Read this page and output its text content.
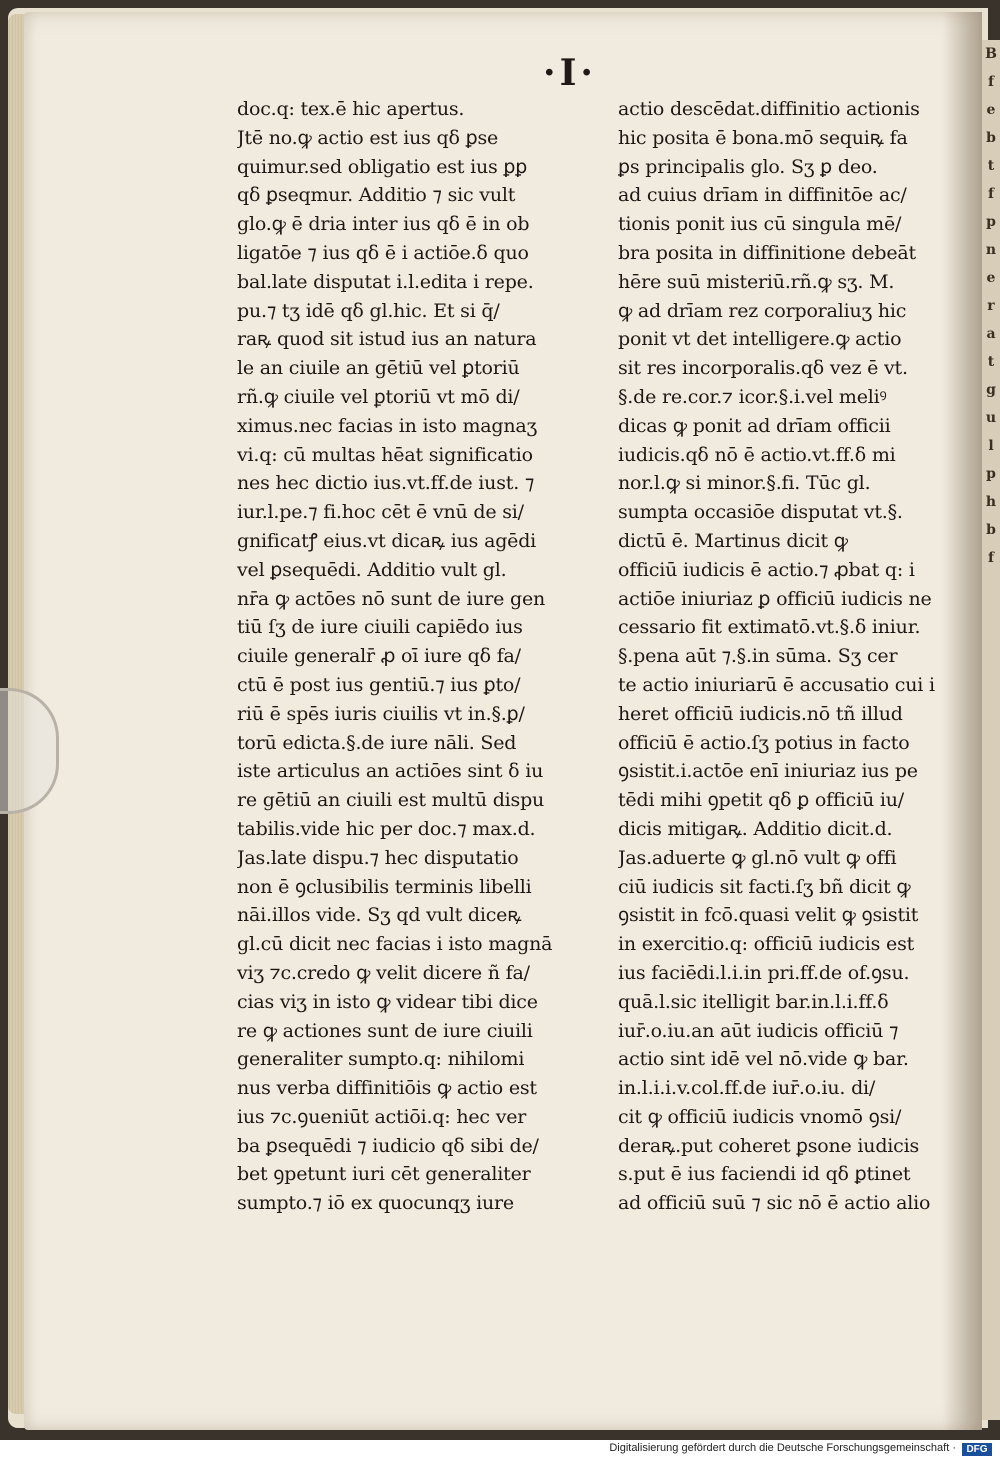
B
f
e
b
t
f
p
n
e
r
a
t
g
u
l
p
h
b
f
·I·
doc.q: tex.ē hic apertus.
Jtē no.ꝙ actio est ius qδ ꝑse
quimur.sed obligatio est ius ꝑꝑ
qδ ꝑseqmur. Additio ⁊ sic vult
glo.ꝙ ē dria inter ius qδ ē in ob
ligatōe ⁊ ius qδ ē i actiōe.δ quo
bal.late disputat i.l.edita i repe.
pu.⁊ tʒ idē qδ gl.hic. Et si q̄/
raꝶ quod sit istud ius an natura
le an ciuile an gētiū vel ꝑtoriū
rñ.ꝙ ciuile vel ꝑtoriū vt mō di/
ximus.nec facias in isto magnaʒ
vi.q: cū multas hēat significatio
nes hec dictio ius.vt.ff.de iust. ⁊
iur.l.pe.⁊ fi.hoc cēt ē vnū de si/
gnificatꝭ eius.vt dicaꝶ ius agēdi
vel ꝑsequēdi. Additio vult gl.
nr̄a ꝙ actōes nō sunt de iure gen
tiū ſʒ de iure ciuili capiēdo ius
ciuile generalr̄ ꝓ oī iure qδ fa/
ctū ē post ius gentiū.⁊ ius ꝑto/
riū ē spēs iuris ciuilis vt in.§.ꝑ/
torū edicta.§.de iure nāli. Sed
iste articulus an actiōes sint δ iu
re gētiū an ciuili est multū dispu
tabilis.vide hic per doc.⁊ max.d.
Jas.late dispu.⁊ hec disputatio
non ē ꝯclusibilis terminis libelli
nāi.illos vide. Sʒ qd vult diceꝶ
gl.cū dicit nec facias i isto magnā
viʒ ⁊c.credo ꝙ velit dicere ñ fa/
cias viʒ in isto ꝙ videar tibi dice
re ꝙ actiones sunt de iure ciuili
generaliter sumpto.q: nihilomi
nus verba diffinitiōis ꝙ actio est
ius ⁊c.ꝯueniūt actiōi.q: hec ver
ba ꝑsequēdi ⁊ iudicio qδ sibi de/
bet ꝯpetunt iuri cēt generaliter
sumpto.⁊ iō ex quocunqʒ iure
actio descēdat.diffinitio actionis
hic posita ē bona.mō sequiꝶ fa
ꝑs principalis glo. Sʒ ꝑ deo.
ad cuius drīam in diffinitōe ac/
tionis ponit ius cū singula mē/
bra posita in diffinitione debeāt
hēre suū misteriū.rñ.ꝙ sʒ. M.
ꝙ ad drīam rez corporaliuʒ hic
ponit vt det intelligere.ꝙ actio
sit res incorporalis.qδ vez ē vt.
§.de re.cor.⁊ icor.§.i.vel meliꝰ
dicas ꝙ ponit ad drīam officii
iudicis.qδ nō ē actio.vt.ff.δ mi
nor.l.ꝙ si minor.§.fi. Tūc gl.
sumpta occasiōe disputat vt.§.
dictū ē. Martinus dicit ꝙ
officiū iudicis ē actio.⁊ ꝓbat q: i
actiōe iniuriaz ꝑ officiū iudicis ne
cessario fit extimatō.vt.§.δ iniur.
§.pena aūt ⁊.§.in sūma. Sʒ cer
te actio iniuriarū ē accusatio cui i
heret officiū iudicis.nō tñ illud
officiū ē actio.ſʒ potius in facto
ꝯsistit.i.actōe enī iniuriaz ius pe
tēdi mihi ꝯpetit qδ ꝑ officiū iu/
dicis mitigaꝶ. Additio dicit.d.
Jas.aduerte ꝙ gl.nō vult ꝙ offi
ciū iudicis sit facti.ſʒ bñ dicit ꝙ
ꝯsistit in fcō.quasi velit ꝙ ꝯsistit
in exercitio.q: officiū iudicis est
ius faciēdi.l.i.in pri.ff.de of.ꝯsu.
quā.l.sic itelligit bar.in.l.i.ff.δ
iur̄.o.iu.an aūt iudicis officiū ⁊
actio sint idē vel nō.vide ꝙ bar.
in.l.i.i.v.col.ff.de iur̄.o.iu. di/
cit ꝙ officiū iudicis vnomō ꝯsi/
deraꝶ.put coheret ꝑsone iudicis
s.put ē ius faciendi id qδ ꝑtinet
ad officiū suū ⁊ sic nō ē actio alio
Digitalisierung gefördert durch die Deutsche Forschungsgemeinschaft ·	DFG
